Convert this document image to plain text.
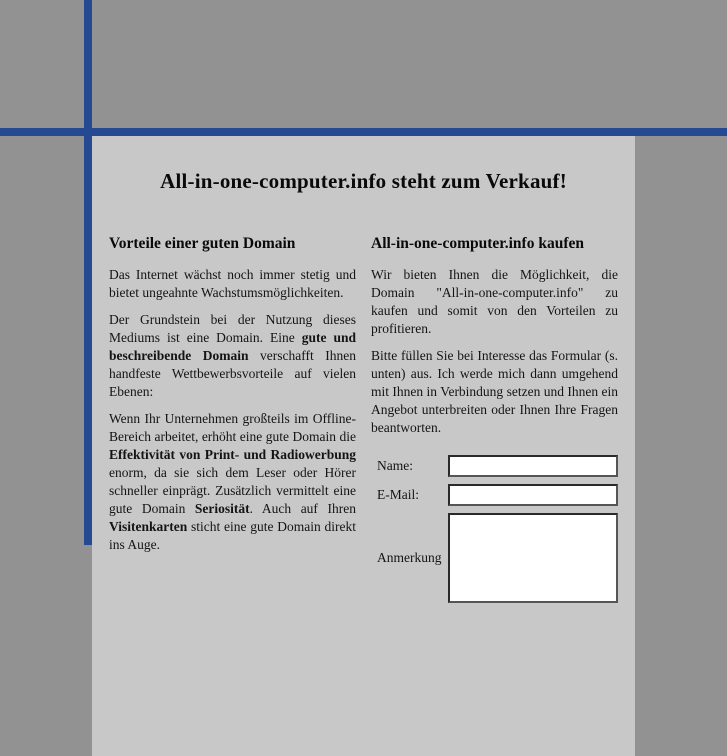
All-in-one-computer.info steht zum Verkauf!
Vorteile einer guten Domain

Das Internet wächst noch immer stetig und bietet ungeahnte Wachstumsmöglichkeiten.

Der Grundstein bei der Nutzung dieses Mediums ist eine Domain. Eine gute und beschreibende Domain verschafft Ihnen handfeste Wettbewerbsvorteile auf vielen Ebenen:

Wenn Ihr Unternehmen großteils im Offline-Bereich arbeitet, erhöht eine gute Domain die Effektivität von Print- und Radiowerbung enorm, da sie sich dem Leser oder Hörer schneller einprägt. Zusätzlich vermittelt eine gute Domain Seriosität. Auch auf Ihren Visitenkarten sticht eine gute Domain direkt ins Auge.

All-in-one-computer.info kaufen

Wir bieten Ihnen die Möglichkeit, die Domain "All-in-one-computer.info" zu kaufen und somit von den Vorteilen zu profitieren.

Bitte füllen Sie bei Interesse das Formular (s. unten) aus. Ich werde mich dann umgehend mit Ihnen in Verbindung setzen und Ihnen ein Angebot unterbreiten oder Ihnen Ihre Fragen beantworten.

Name:
E-Mail:
Anmerkung
